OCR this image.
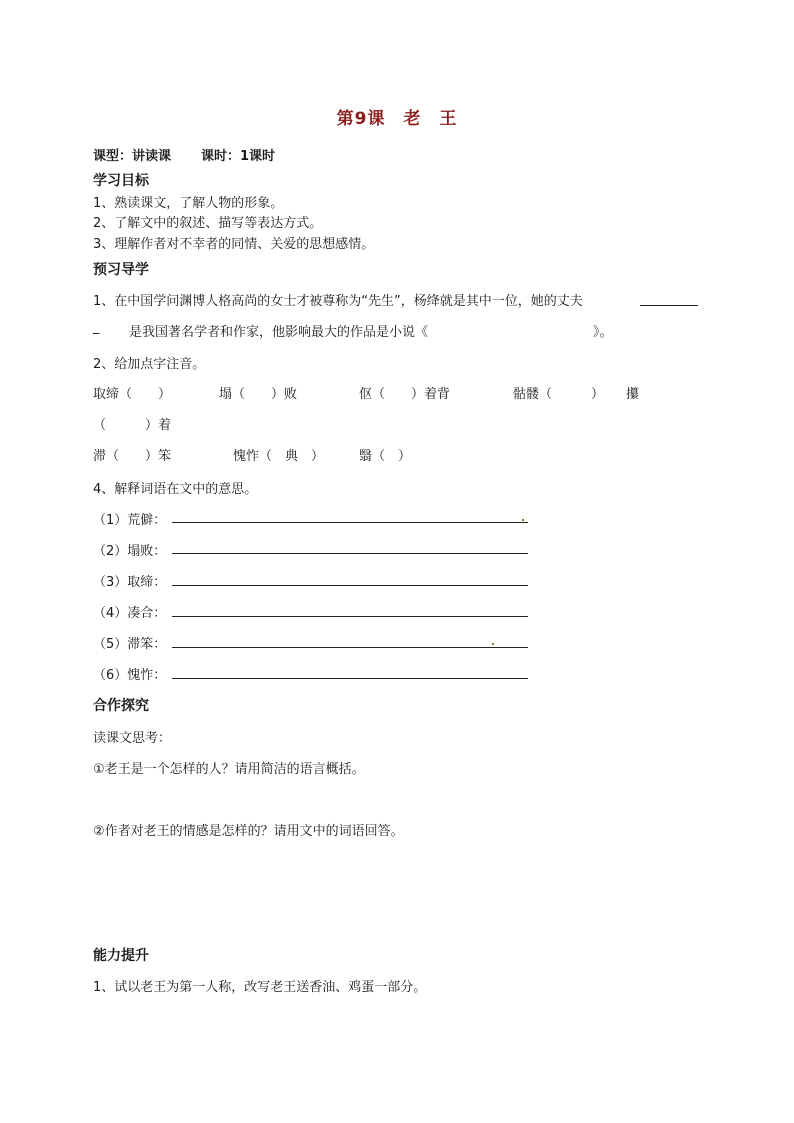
第9课　老　王
课型：讲读课 课时：1课时
学习目标
1、熟读课文，了解人物的形象。
2、了解文中的叙述、描写等表达方式。
3、理解作者对不幸者的同情、关爱的思想感情。
预习导学
1、在中国学问渊博人格高尚的女士才被尊称为“先生”，杨绛就是其中一位，她的丈夫
_ 是我国著名学者和作家，他影响最大的作品是小说《	》。
2、给加点字注音。
取缔（　　）	塌（　　）败	伛（　　）着背	骷髅（　　　） 攥
（　　　）着
滞（　　）笨	愧怍（　典　）	翳（　）
4、解释词语在文中的意思。
（1）荒僻：
（2）塌败：
（3）取缔：
（4）凑合：
（5）滞笨：
（6）愧怍：
合作探究
读课文思考：
①老王是一个怎样的人？请用简洁的语言概括。
②作者对老王的情感是怎样的？请用文中的词语回答。
能力提升
1、试以老王为第一人称，改写老王送香油、鸡蛋一部分。
